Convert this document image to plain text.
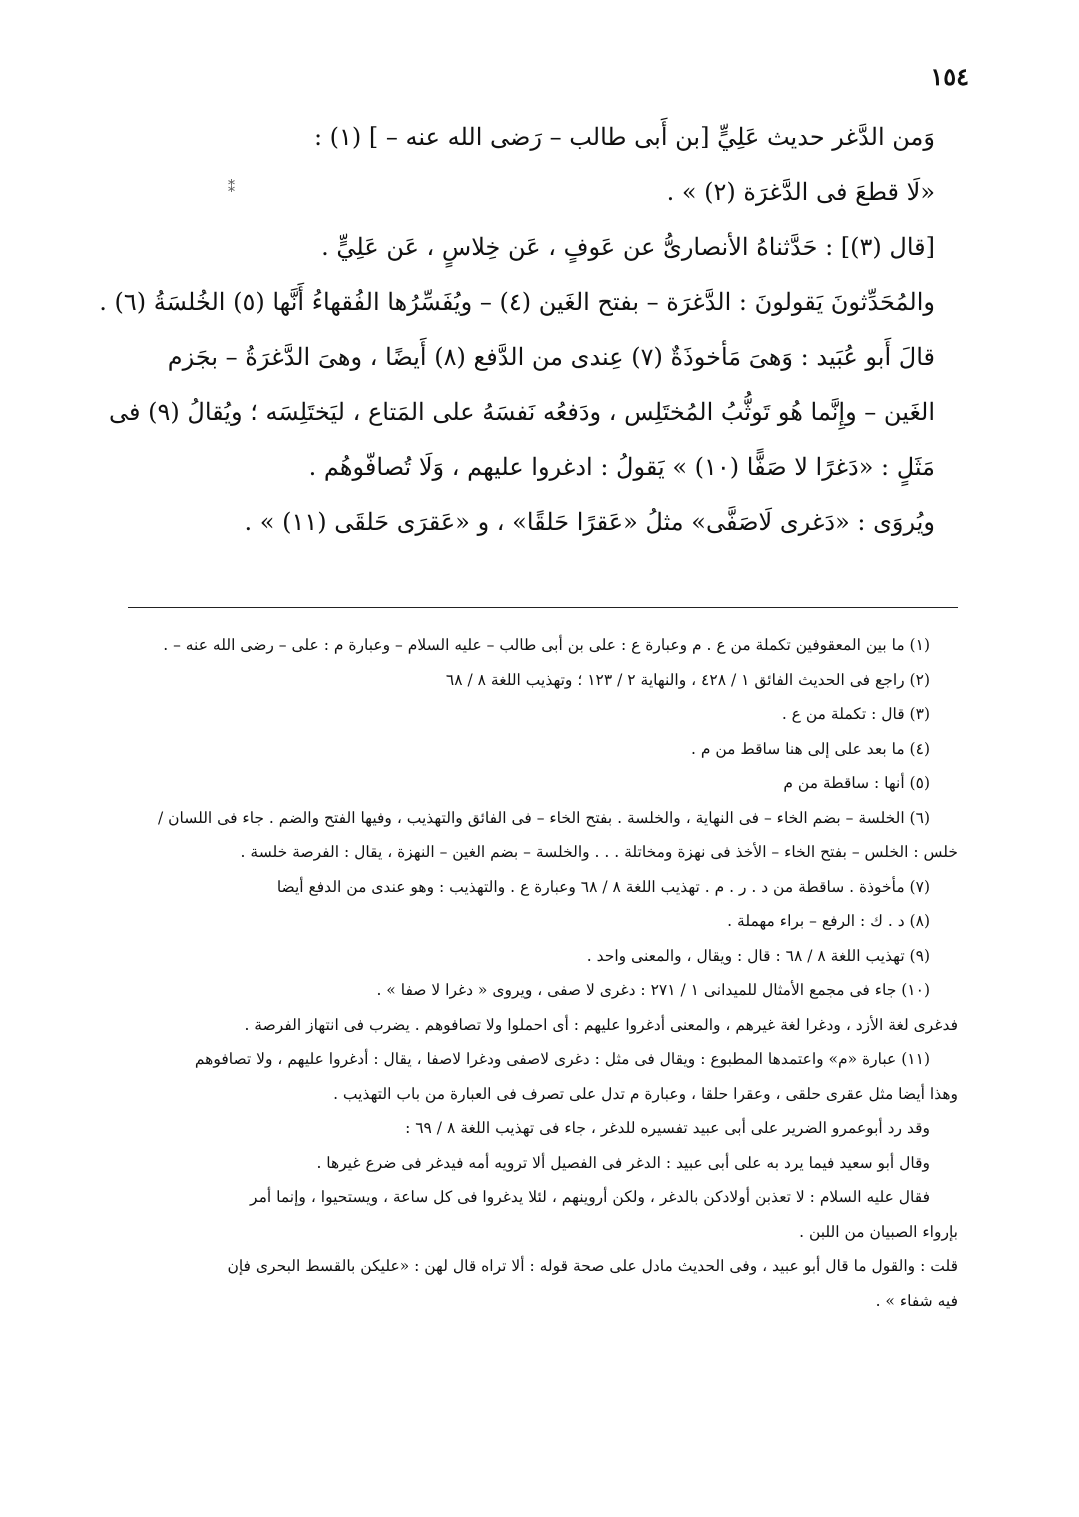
١٥٤
⁑
وَمن الدَّغر حديث عَلِيٍّ [بن أَبى طالب – رَضى الله عنه – ] (١) :
«لَا قطعَ فى الدَّغرَة (٢) » .
[قال (٣)] : حَدَّثناهُ الأنصارىُّ عن عَوفٍ ، عَن خِلاسٍ ، عَن عَلِيٍّ .
والمُحَدِّثونَ يَقولونَ : الدَّغرَة – بفتح الغَين (٤) – ويُفَسِّرُها الفُقهاءُ أَنَّها (٥) الخُلسَةُ (٦) .
قالَ أَبو عُبَيد : وَهىَ مَأخوذَةٌ (٧) عِندى من الدَّفع (٨) أَيضًا ، وهىَ الدَّغرَةُ – بجَزم
الغَين – وإِنَّما هُو تَوثُّبُ المُختَلِس ، ودَفعُه نَفسَهُ على المَتاع ، ليَختَلِسَه ؛ ويُقالُ (٩) فى
مَثَلٍ : «دَغرًا لا صَفًّا (١٠) » يَقولُ : ادغروا عليهم ، وَلَا تُصافّوهُم .
ويُروَى : «دَغرى لَاصَفَّى» مثلُ «عَقرًا حَلقًا» ، و «عَقرَى حَلقَى (١١) » .
(١) ما بين المعقوفين تكملة من ع . م وعبارة ع : على بن أبى طالب – عليه السلام – وعبارة م : على – رضى الله عنه – .
(٢) راجع فى الحديث الفائق ١ / ٤٢٨ ، والنهاية ٢ / ١٢٣ ؛ وتهذيب اللغة ٨ / ٦٨
(٣) قال : تكملة من ع .
(٤) ما بعد على إلى هنا ساقط من م .
(٥) أنها : ساقطة من م
(٦) الخلسة – بضم الخاء – فى النهاية ، والخلسة . بفتح الخاء – فى الفائق والتهذيب ، وفيها الفتح والضم . جاء فى اللسان /
خلس : الخلس – بفتح الخاء – الأخذ فى نهزة ومخاتلة . . . والخلسة – بضم الغين – النهزة ، يقال : الفرصة خلسة .
(٧) مأخوذة . ساقطة من د . ر . م . تهذيب اللغة ٨ / ٦٨ وعبارة ع . والتهذيب : وهو عندى من الدفع أيضا
(٨) د . ك : الرفع – براء مهملة .
(٩) تهذيب اللغة ٨ / ٦٨ : قال : ويقال ، والمعنى واحد .
(١٠) جاء فى مجمع الأمثال للميدانى ١ / ٢٧١ : دغرى لا صفى ، ويروى « دغرا لا صفا » .
فدغرى لغة الأزد ، ودغرا لغة غيرهم ، والمعنى أدغروا عليهم : أى احملوا ولا تصافوهم . يضرب فى انتهاز الفرصة .
(١١) عبارة «م» واعتمدها المطبوع : ويقال فى مثل : دغرى لاصفى ودغرا لاصفا ، يقال : أدغروا عليهم ، ولا تصافوهم
وهذا أيضا مثل عقرى حلقى ، وعقرا حلقا ، وعبارة م تدل على تصرف فى العبارة من باب التهذيب .
وقد رد أبوعمرو الضرير على أبى عبيد تفسيره للدغر ، جاء فى تهذيب اللغة ٨ / ٦٩ :
وقال أبو سعيد فيما يرد به على أبى عبيد : الدغر فى الفصيل ألا ترويه أمه فيدغر فى ضرع غيرها .
فقال عليه السلام : لا تعذبن أولادكن بالدغر ، ولكن أروينهم ، لئلا يدغروا فى كل ساعة ، ويستحيوا ، وإنما أمر
بإرواء الصبيان من اللبن .
قلت : والقول ما قال أبو عبيد ، وفى الحديث مادل على صحة قوله : ألا تراه قال لهن : «عليكن بالقسط البحرى فإن
فيه شفاء » .
